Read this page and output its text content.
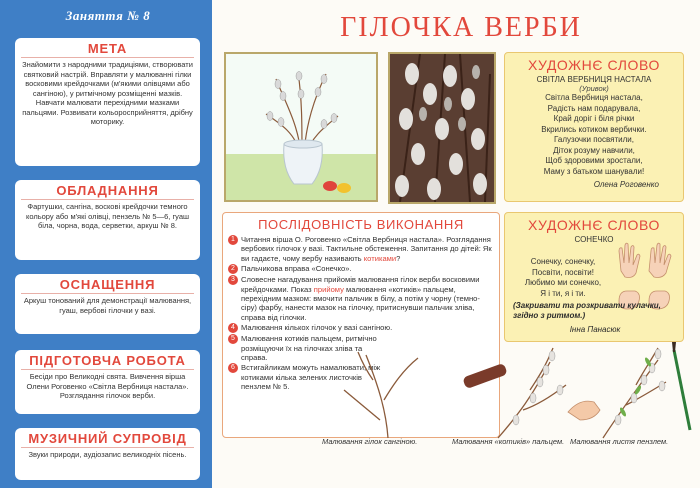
Заняття № 8
МЕТА
Знайомити з народними традиціями, створювати святковий настрій. Вправляти у малюванні гілки восковими крейдочками (м'якими олівцями або сангіною), у ритмічному розміщенні мазків. Навчати малювати перехідними мазками пальцями. Розвивати кольоросприйняття, дрібну моторику.
ОБЛАДНАННЯ
Фартушки, сангіна, воскові крейдочки темного кольору або м'які олівці, пензель № 5—6, гуаш біла, чорна, вода, серветки, аркуш № 8.
ОСНАЩЕННЯ
Аркуш тонований для демонстрації малювання, гуаш, вербові гілочки у вазі.
ПІДГОТОВЧА РОБОТА
Бесіди про Великодні свята. Вивчення вірша Олени Роговенко «Світла Вербниця настала». Розглядання гілочок верби.
МУЗИЧНИЙ СУПРОВІД
Звуки природи, аудіозапис великодніх пісень.
ГІЛОЧКА ВЕРБИ
ХУДОЖНЄ СЛОВО
СВІТЛА ВЕРБНИЦЯ НАСТАЛА
(Уривок)
Світла Вербниця настала,
Радість нам подарувала,
Край доріг і біля річки
Вкрились котиком вербички.
Галузочки посвятили,
Діток розуму навчили,
Щоб здоровими зростали,
Маму з батьком шанували!
Олена Роговенко
ПОСЛІДОВНІСТЬ ВИКОНАННЯ
1 Читання вірша О. Роговенко «Світла Вербниця настала». Розглядання вербових гілочок у вазі. Тактильне обстеження. Запитання до дітей: Як ви гадаєте, чому вербу називають котиками?
2 Пальчикова вправа «Сонечко».
3 Словесне нагадування прийомів малювання гілок верби восковими крейдочками. Показ прийому малювання «котиків» пальцем, перехідним мазком: вмочити пальчик в білу, а потім у чорну (темно-сіру) фарбу, нанести мазок на гілочку, притиснувши пальчик зліва, справа від гілочки.
4 Малювання кількох гілочок у вазі сангіною.
5 Малювання котиків пальцем, ритмічно розміщуючи їх на гілочках зліва та справа.
6 Встигайликам можуть намалювати, між котиками кілька зелених листочків пензлем № 5.
ХУДОЖНЄ СЛОВО
СОНЕЧКО
Сонечку, сонечку,
Посвіти, посвіти!
Любимо ми сонечко,
Я і ти, я і ти.
(Закривати та розкривати кулачки, згідно з ритмом.)
Інна Панасюк
Малювання гілок сангіною.	Малювання «котиків» пальцем. Малювання листя пензлем.
